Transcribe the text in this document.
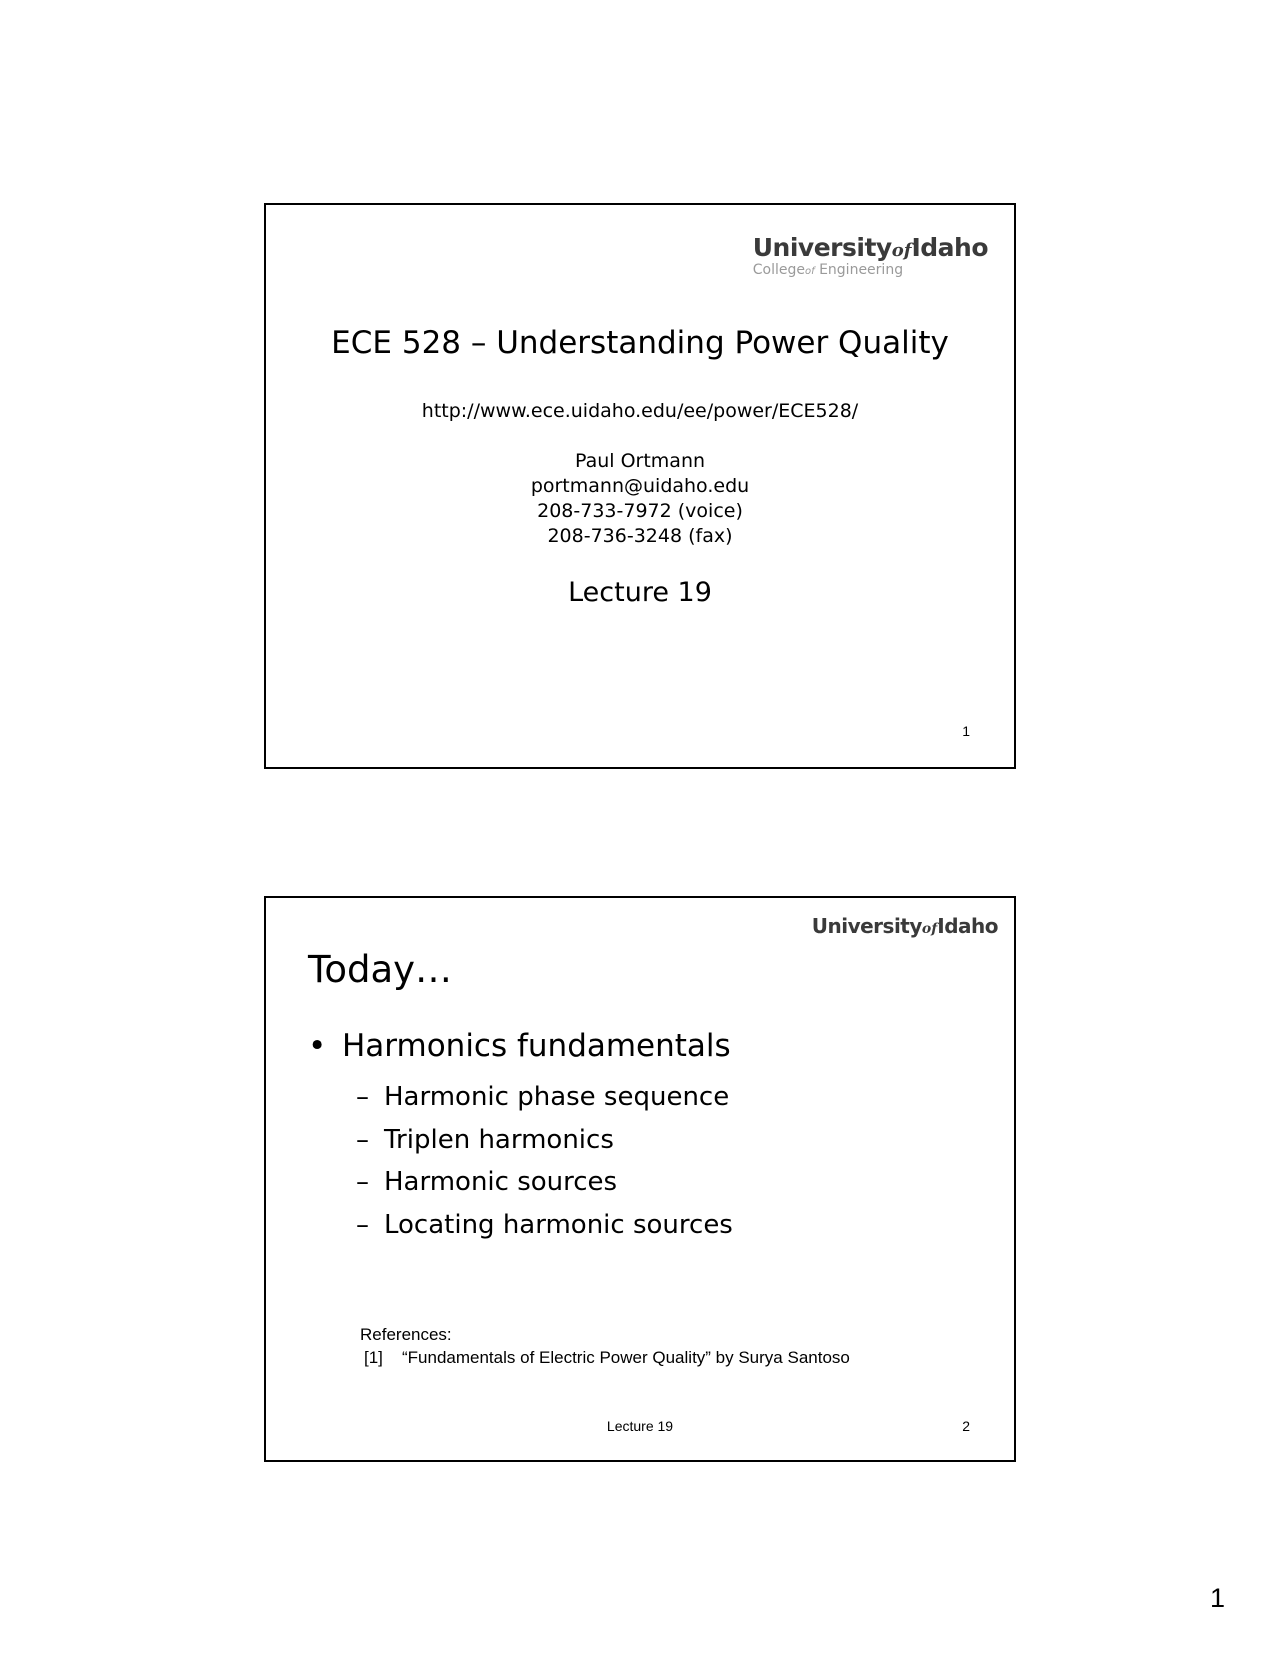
UniversityofIdaho
Collegeof Engineering
ECE 528 – Understanding Power Quality
http://www.ece.uidaho.edu/ee/power/ECE528/
Paul Ortmann
portmann@uidaho.edu
208-733-7972 (voice)
208-736-3248 (fax)
Lecture 19
1
UniversityofIdaho
Today…
• Harmonics fundamentals
– Harmonic phase sequence
– Triplen harmonics
– Harmonic sources
– Locating harmonic sources
References:
[1] “Fundamentals of Electric Power Quality” by Surya Santoso
Lecture 19	2
1
